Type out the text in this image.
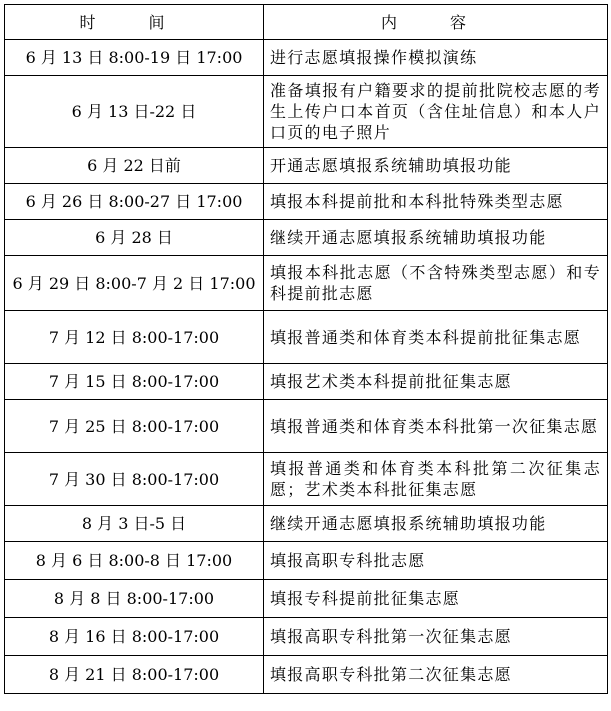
时 间	内 容
6 月 13 日 8:00-19 日 17:00	进行志愿填报操作模拟演练
6 月 13 日-22 日	准备填报有户籍要求的提前批院校志愿的考生上传户口本首页（含住址信息）和本人户口页的电子照片
6 月 22 日前	开通志愿填报系统辅助填报功能
6 月 26 日 8:00-27 日 17:00	填报本科提前批和本科批特殊类型志愿
6 月 28 日	继续开通志愿填报系统辅助填报功能
6 月 29 日 8:00-7 月 2 日 17:00	填报本科批志愿（不含特殊类型志愿）和专科提前批志愿
7 月 12 日 8:00-17:00	填报普通类和体育类本科提前批征集志愿
7 月 15 日 8:00-17:00	填报艺术类本科提前批征集志愿
7 月 25 日 8:00-17:00	填报普通类和体育类本科批第一次征集志愿
7 月 30 日 8:00-17:00	填报普通类和体育类本科批第二次征集志愿；艺术类本科批征集志愿
8 月 3 日-5 日	继续开通志愿填报系统辅助填报功能
8 月 6 日 8:00-8 日 17:00	填报高职专科批志愿
8 月 8 日 8:00-17:00	填报专科提前批征集志愿
8 月 16 日 8:00-17:00	填报高职专科批第一次征集志愿
8 月 21 日 8:00-17:00	填报高职专科批第二次征集志愿
